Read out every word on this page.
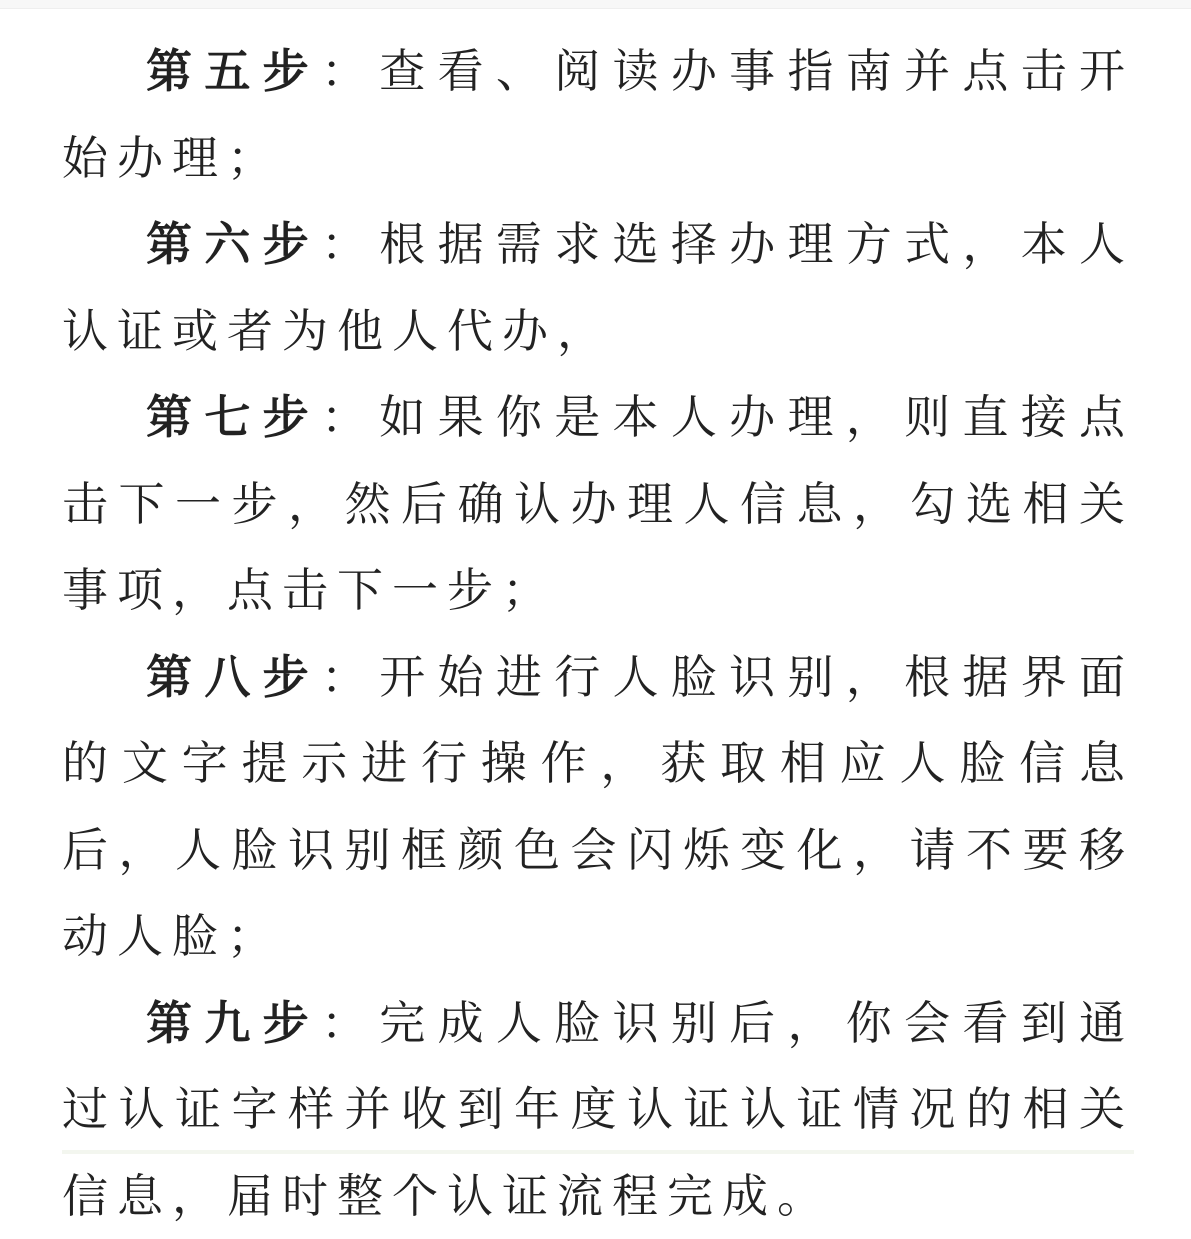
第五步：查看、阅读办事指南并点击开始办理；

第六步：根据需求选择办理方式，本人认证或者为他人代办，

第七步：如果你是本人办理，则直接点击下一步，然后确认办理人信息，勾选相关事项，点击下一步；

第八步：开始进行人脸识别，根据界面的文字提示进行操作，获取相应人脸信息后，人脸识别框颜色会闪烁变化，请不要移动人脸；

第九步：完成人脸识别后，你会看到通过认证字样并收到年度认证认证情况的相关信息，届时整个认证流程完成。
